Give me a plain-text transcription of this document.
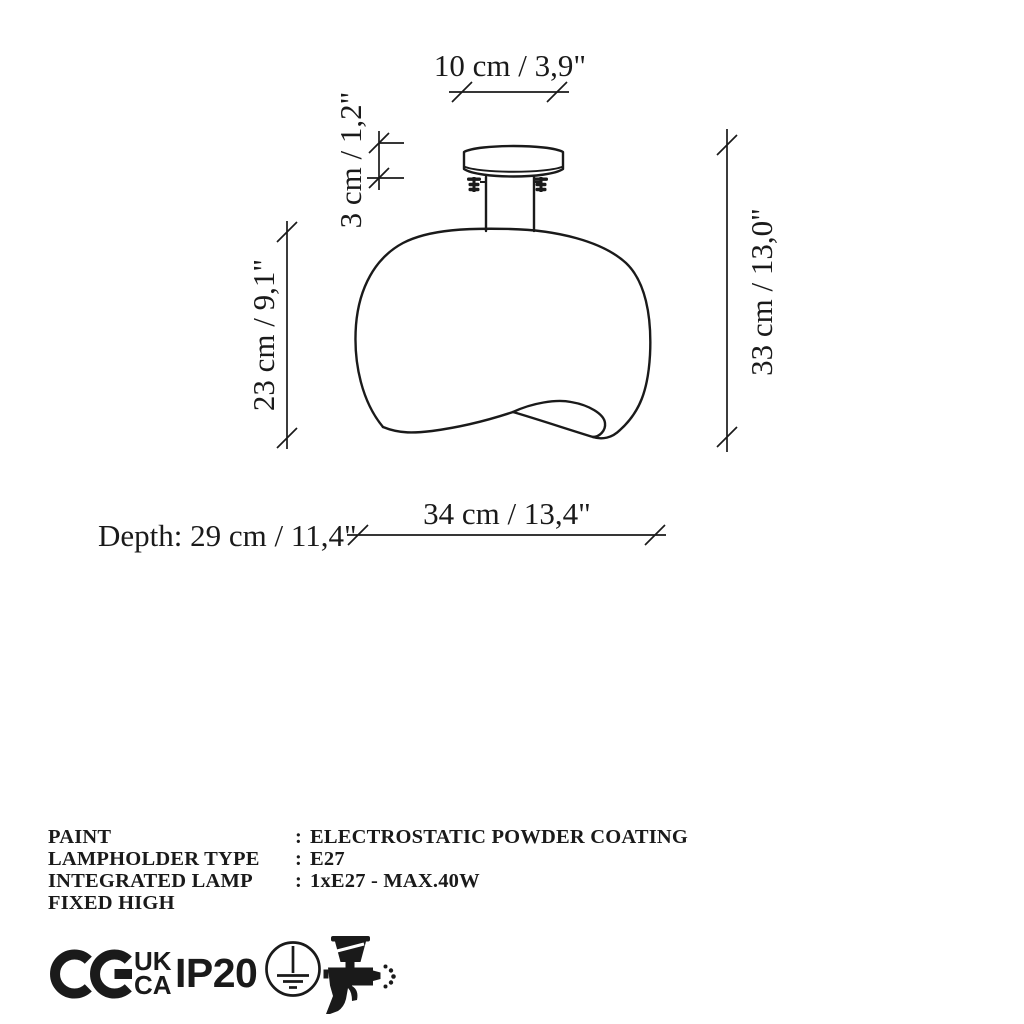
10 cm / 3,9"
3 cm / 1,2"
23 cm / 9,1"	33 cm / 13,0"
34 cm / 13,4"
Depth: 29 cm / 11,4"
PAINT	: ELECTROSTATIC POWDER COATING
LAMPHOLDER TYPE	: E27
INTEGRATED LAMP	: 1xE27 - MAX.40W
FIXED HIGH
UK
CA IP20
